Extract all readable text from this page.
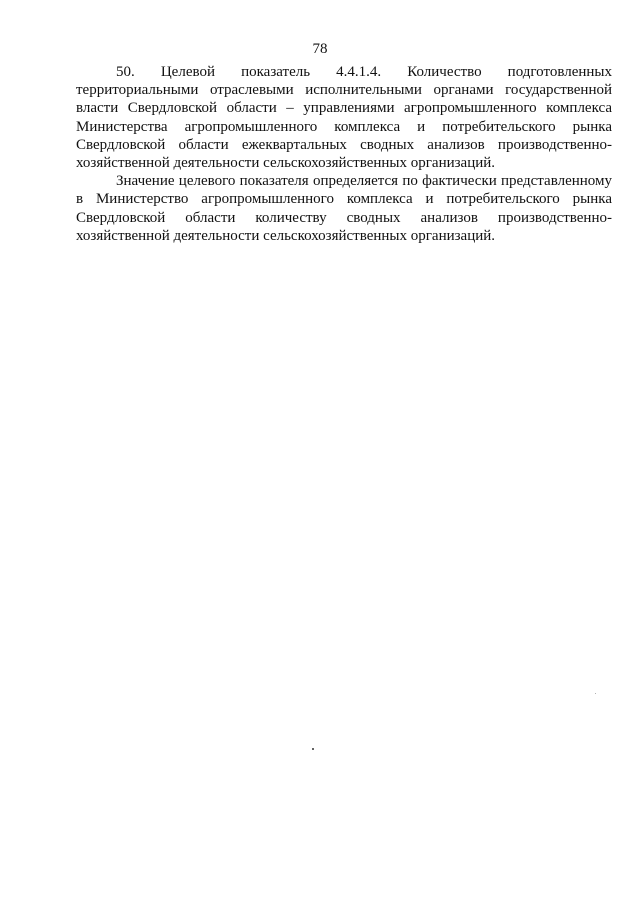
78

50. Целевой показатель 4.4.1.4. Количество подготовленных территориальными отраслевыми исполнительными органами государственной власти Свердловской области – управлениями агропромышленного комплекса Министерства агропромышленного комплекса и потребительского рынка Свердловской области ежеквартальных сводных анализов производственно-хозяйственной деятельности сельскохозяйственных организаций.

Значение целевого показателя определяется по фактически представленному в Министерство агропромышленного комплекса и потребительского рынка Свердловской области количеству сводных анализов производственно-хозяйственной деятельности сельскохозяйственных организаций.
